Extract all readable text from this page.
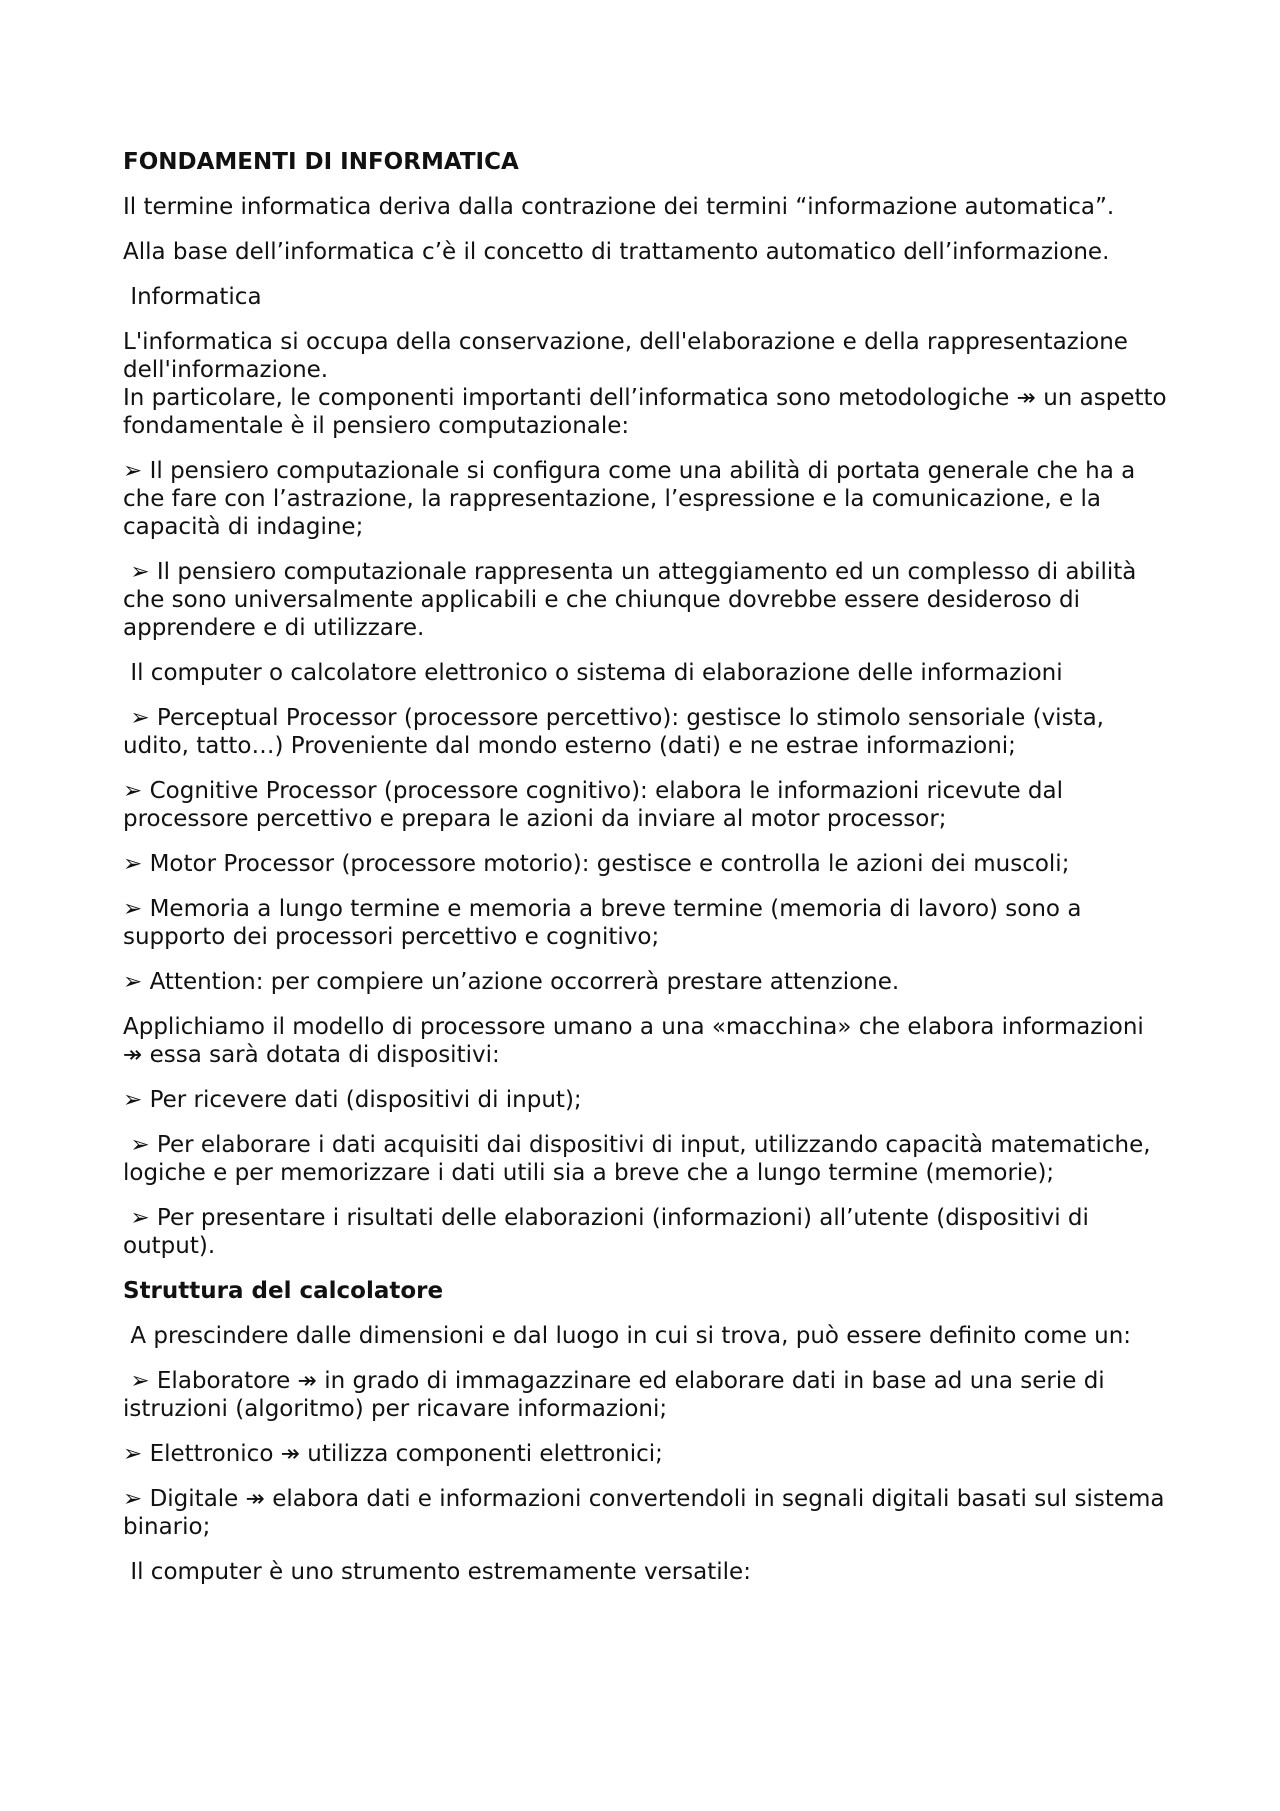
FONDAMENTI DI INFORMATICA
Il termine informatica deriva dalla contrazione dei termini “informazione automatica”.
Alla base dell’informatica c’è il concetto di trattamento automatico dell’informazione.
Informatica
L'informatica si occupa della conservazione, dell'elaborazione e della rappresentazione dell'informazione.
In particolare, le componenti importanti dell’informatica sono metodologiche ↠ un aspetto fondamentale è il pensiero computazionale:
➢ Il pensiero computazionale si configura come una abilità di portata generale che ha a che fare con l’astrazione, la rappresentazione, l’espressione e la comunicazione, e la capacità di indagine;
➢ Il pensiero computazionale rappresenta un atteggiamento ed un complesso di abilità che sono universalmente applicabili e che chiunque dovrebbe essere desideroso di apprendere e di utilizzare.
Il computer o calcolatore elettronico o sistema di elaborazione delle informazioni
➢ Perceptual Processor (processore percettivo): gestisce lo stimolo sensoriale (vista, udito, tatto…) Proveniente dal mondo esterno (dati) e ne estrae informazioni;
➢ Cognitive Processor (processore cognitivo): elabora le informazioni ricevute dal processore percettivo e prepara le azioni da inviare al motor processor;
➢ Motor Processor (processore motorio): gestisce e controlla le azioni dei muscoli;
➢ Memoria a lungo termine e memoria a breve termine (memoria di lavoro) sono a supporto dei processori percettivo e cognitivo;
➢ Attention: per compiere un’azione occorrerà prestare attenzione.
Applichiamo il modello di processore umano a una «macchina» che elabora informazioni ↠ essa sarà dotata di dispositivi:
➢ Per ricevere dati (dispositivi di input);
➢ Per elaborare i dati acquisiti dai dispositivi di input, utilizzando capacità matematiche, logiche e per memorizzare i dati utili sia a breve che a lungo termine (memorie);
➢ Per presentare i risultati delle elaborazioni (informazioni) all’utente (dispositivi di output).
Struttura del calcolatore
A prescindere dalle dimensioni e dal luogo in cui si trova, può essere definito come un:
➢ Elaboratore ↠ in grado di immagazzinare ed elaborare dati in base ad una serie di istruzioni (algoritmo) per ricavare informazioni;
➢ Elettronico ↠ utilizza componenti elettronici;
➢ Digitale ↠ elabora dati e informazioni convertendoli in segnali digitali basati sul sistema binario;
Il computer è uno strumento estremamente versatile:
